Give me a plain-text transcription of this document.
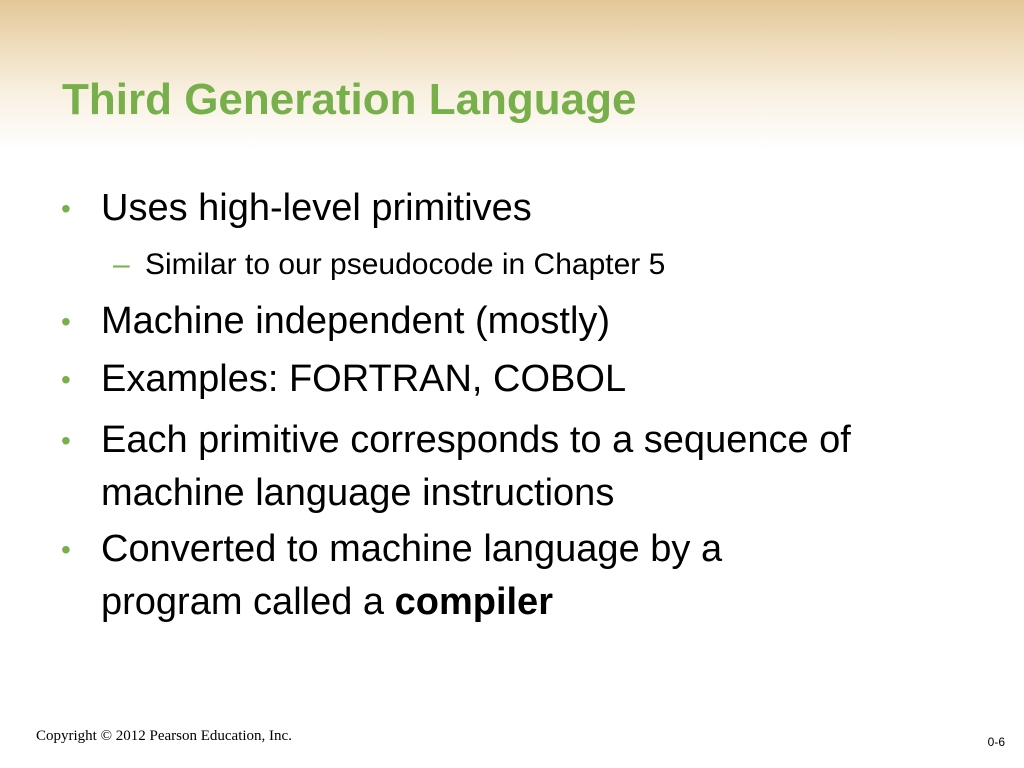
Third Generation Language
• Uses high-level primitives
– Similar to our pseudocode in Chapter 5
• Machine independent (mostly)
• Examples: FORTRAN, COBOL
• Each primitive corresponds to a sequence of machine language instructions
• Converted to machine language by a program called a compiler
Copyright © 2012 Pearson Education, Inc.	0-6
